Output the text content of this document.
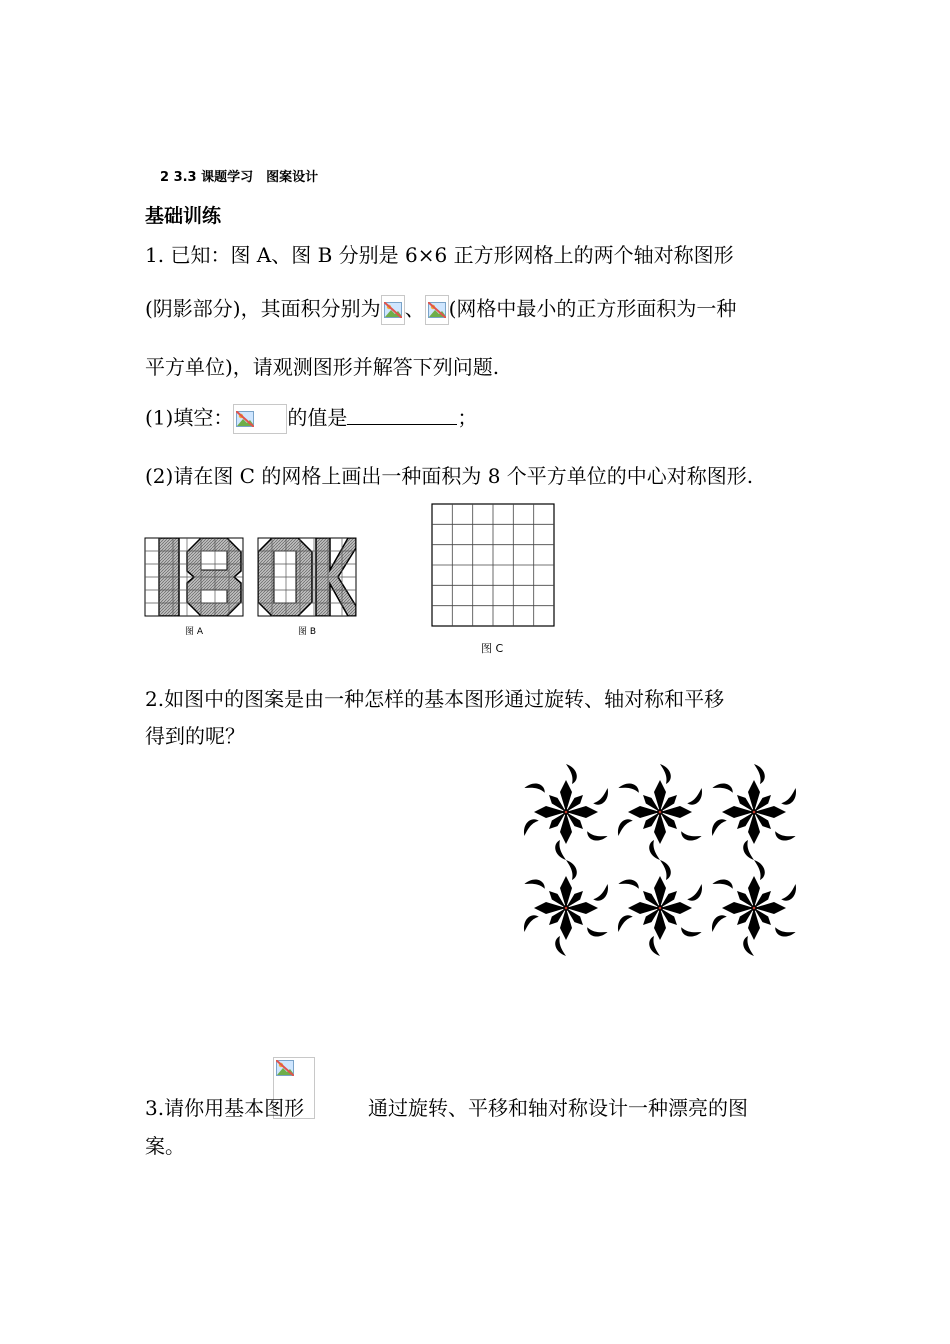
2 3.3 课题学习　图案设计
基础训练
1. 已知：图 A、图 B 分别是 6×6 正方形网格上的两个轴对称图形
(阴影部分)，其面积分别为 、 (网格中最小的正方形面积为一种
平方单位)，请观测图形并解答下列问题.
(1)填空：	的值是	；
(2)请在图 C 的网格上画出一种面积为 8 个平方单位的中心对称图形.
图 A	图 B
图 C
2.如图中的图案是由一种怎样的基本图形通过旋转、轴对称和平移
得到的呢？
3.请你用基本图形	通过旋转、平移和轴对称设计一种漂亮的图
案。
